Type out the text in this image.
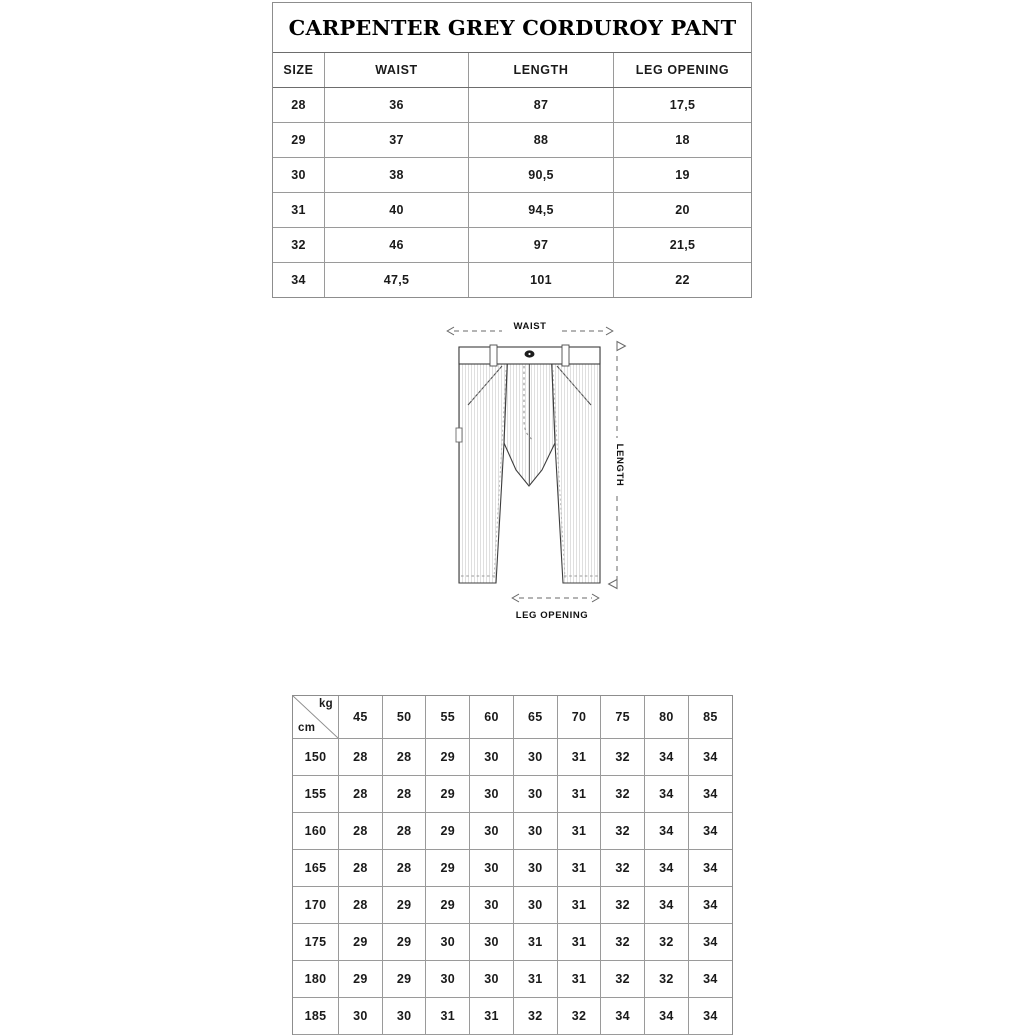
CARPENTER GREY CORDUROY PANT
SIZE	WAIST	LENGTH	LEG OPENING
28	36	87	17,5
29	37	88	18
30	38	90,5	19
31	40	94,5	20
32	46	97	21,5
34	47,5	101	22
WAIST
LENGTH
LEG OPENING
kg
cm	45	50	55	60	65	70	75	80	85
150	28	28	29	30	30	31	32	34	34
155	28	28	29	30	30	31	32	34	34
160	28	28	29	30	30	31	32	34	34
165	28	28	29	30	30	31	32	34	34
170	28	29	29	30	30	31	32	34	34
175	29	29	30	30	31	31	32	32	34
180	29	29	30	30	31	31	32	32	34
185	30	30	31	31	32	32	34	34	34
